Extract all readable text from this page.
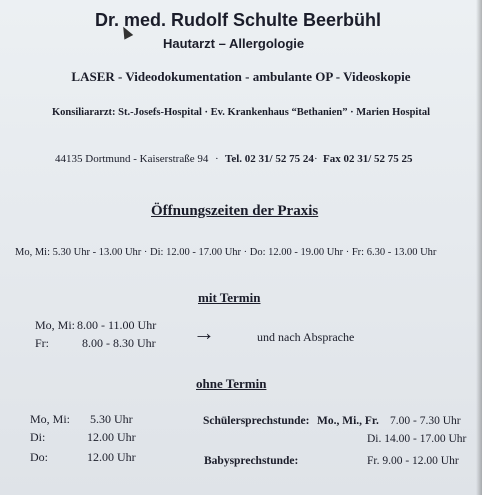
Dr. med. Rudolf Schulte Beerbühl
Hautarzt – Allergologie
LASER - Videodokumentation - ambulante OP - Videoskopie
Konsiliararzt: St.-Josefs-Hospital · Ev. Krankenhaus “Bethanien” · Marien Hospital
44135 Dortmund - Kaiserstraße 94 · Tel. 02 31/ 52 75 24 · Fax 02 31/ 52 75 25
Öffnungszeiten der Praxis
Mo, Mi: 5.30 Uhr - 13.00 Uhr · Di: 12.00 - 17.00 Uhr · Do: 12.00 - 19.00 Uhr · Fr: 6.30 - 13.00 Uhr
mit Termin
Mo, Mi: 8.00 - 11.00 Uhr
Fr:	8.00 - 8.30 Uhr →	und nach Absprache
ohne Termin
Mo, Mi: 5.30 Uhr
Di:	12.00 Uhr
Do:	12.00 Uhr
Schülersprechstunde: Mo., Mi., Fr. 7.00 - 7.30 Uhr
Di. 14.00 - 17.00 Uhr
Babysprechstunde:	Fr. 9.00 - 12.00 Uhr
